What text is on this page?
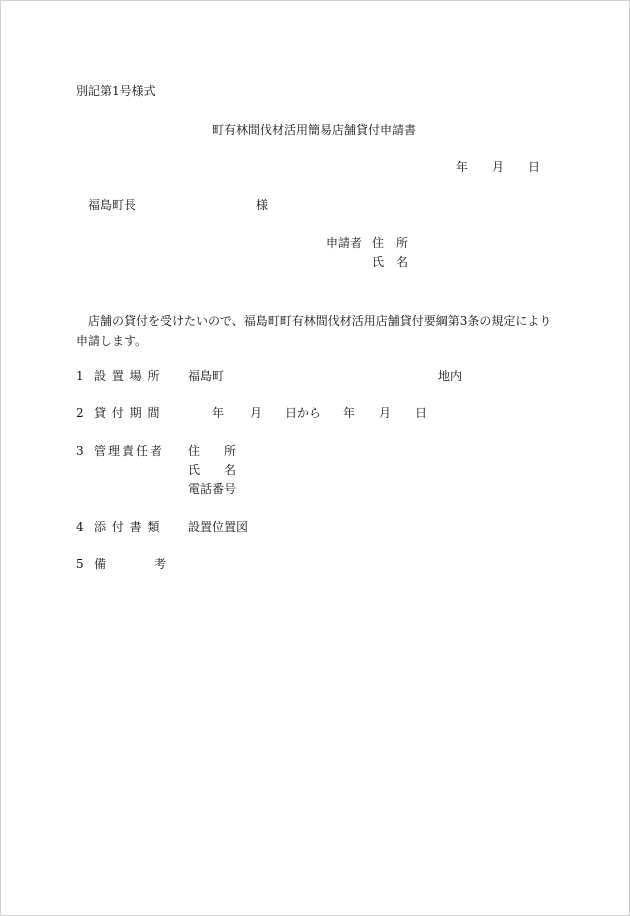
別記第1号様式
町有林間伐材活用簡易店舗貸付申請書
年 月 日
福島町長	様
申請者 住　所
氏　名
店舗の貸付を受けたいので、福島町町有林間伐材活用店舗貸付要綱第3条の規定により申請します。
1 設 置 場 所 福島町	地内
2 貸 付 期 間	年 月 日から 年 月 日
3 管理責任者 住　　所
氏　　名
電話番号
4 添 付 書 類 設置位置図
5 備	考
